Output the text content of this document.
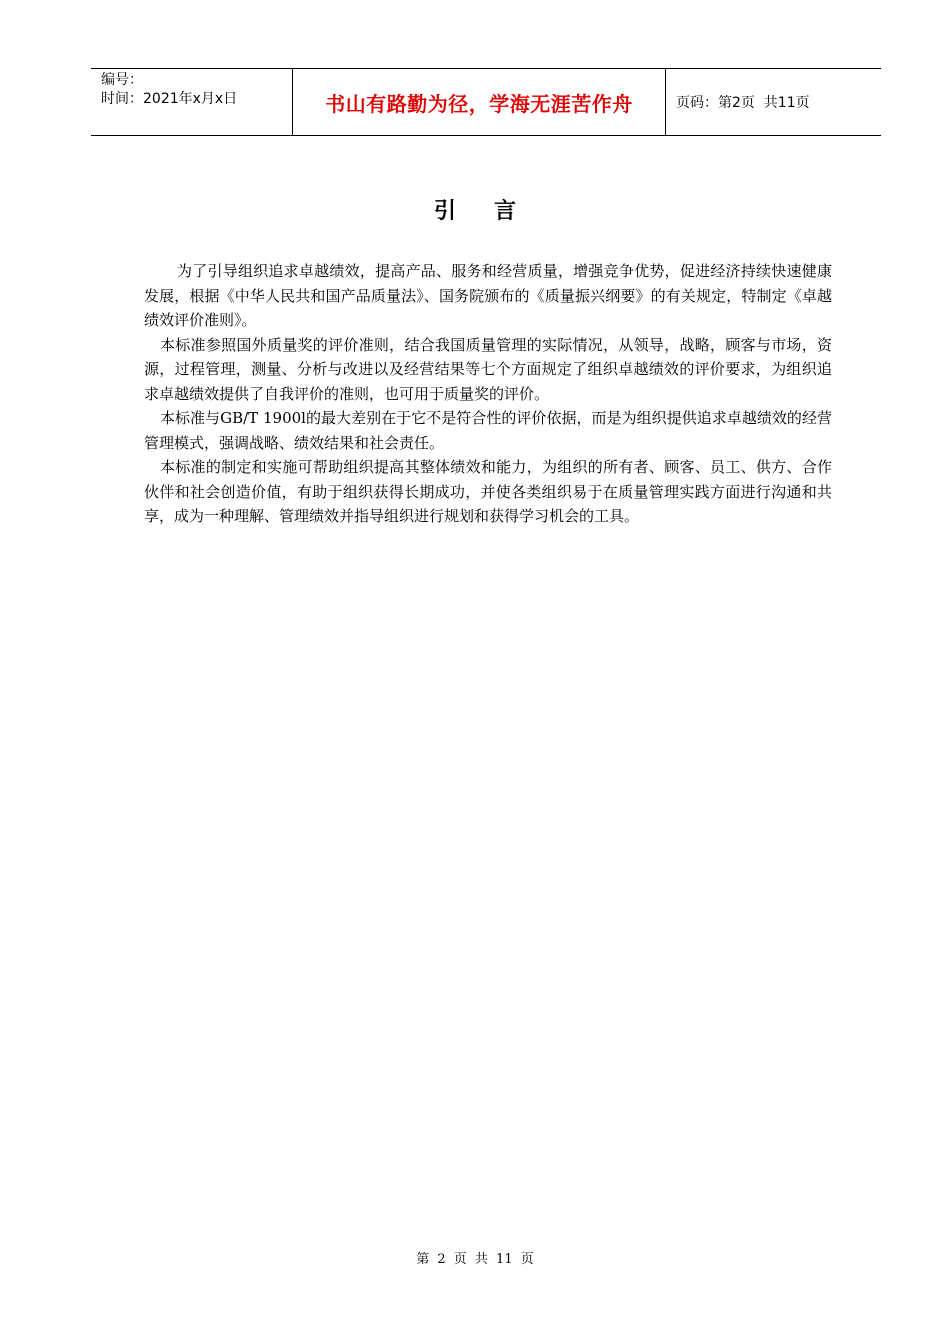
编号：
时间：2021年x月x日	书山有路勤为径，学海无涯苦作舟	页码：第2页  共11页
引言

为了引导组织追求卓越绩效，提高产品、服务和经营质量，增强竞争优势，促进经济持续快速健康发展，根据《中华人民共和国产品质量法》、国务院颁布的《质量振兴纲要》的有关规定，特制定《卓越绩效评价准则》。

本标准参照国外质量奖的评价准则，结合我国质量管理的实际情况，从领导，战略，顾客与市场，资源，过程管理，测量、分析与改进以及经营结果等七个方面规定了组织卓越绩效的评价要求，为组织追求卓越绩效提供了自我评价的准则，也可用于质量奖的评价。

本标准与GB/T 1900l的最大差别在于它不是符合性的评价依据，而是为组织提供追求卓越绩效的经营管理模式，强调战略、绩效结果和社会责任。

本标准的制定和实施可帮助组织提高其整体绩效和能力，为组织的所有者、顾客、员工、供方、合作伙伴和社会创造价值，有助于组织获得长期成功，并使各类组织易于在质量管理实践方面进行沟通和共享，成为一种理解、管理绩效并指导组织进行规划和获得学习机会的工具。

第 2 页 共 11 页
